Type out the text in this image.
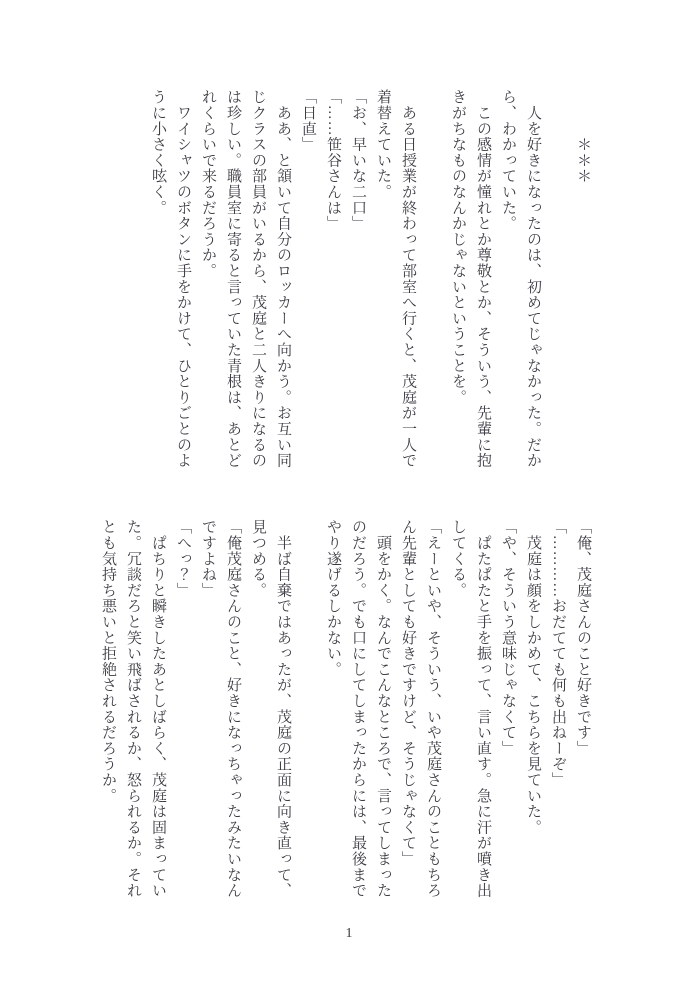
　　　＊＊＊

　人を好きになったのは、初めてじゃなかった。だか

ら、わかっていた。

　この感情が憧れとか尊敬とか、そういう、先輩に抱

きがちなものなんかじゃないということを。

　ある日授業が終わって部室へ行くと、茂庭が一人で

着替えていた。

「お、早いな二口」

「……笹谷さんは」

「日直」

　ああ、と頷いて自分のロッカーへ向かう。お互い同

じクラスの部員がいるから、茂庭と二人きりになるの

は珍しい。職員室に寄ると言っていた青根は、あとど

れくらいで来るだろうか。

　ワイシャツのボタンに手をかけて、ひとりごとのよ

うに小さく呟く。

「俺、茂庭さんのこと好きです」

「…………おだてても何も出ねーぞ」

　茂庭は顔をしかめて、こちらを見ていた。

「や、そういう意味じゃなくて」

　ぱたぱたと手を振って、言い直す。急に汗が噴き出

してくる。

「えーといや、そういう、いや茂庭さんのこともちろ

ん先輩としても好きですけど、そうじゃなくて」

　頭をかく。なんでこんなところで、言ってしまった

のだろう。でも口にしてしまったからには、最後まで

やり遂げるしかない。

　半ば自棄ではあったが、茂庭の正面に向き直って、

見つめる。

「俺茂庭さんのこと、好きになっちゃったみたいなん

ですよね」

「へっ？」

　ぱちりと瞬きしたあとしばらく、茂庭は固まってい

た。冗談だろと笑い飛ばされるか、怒られるか。それ

とも気持ち悪いと拒絶されるだろうか。

1
